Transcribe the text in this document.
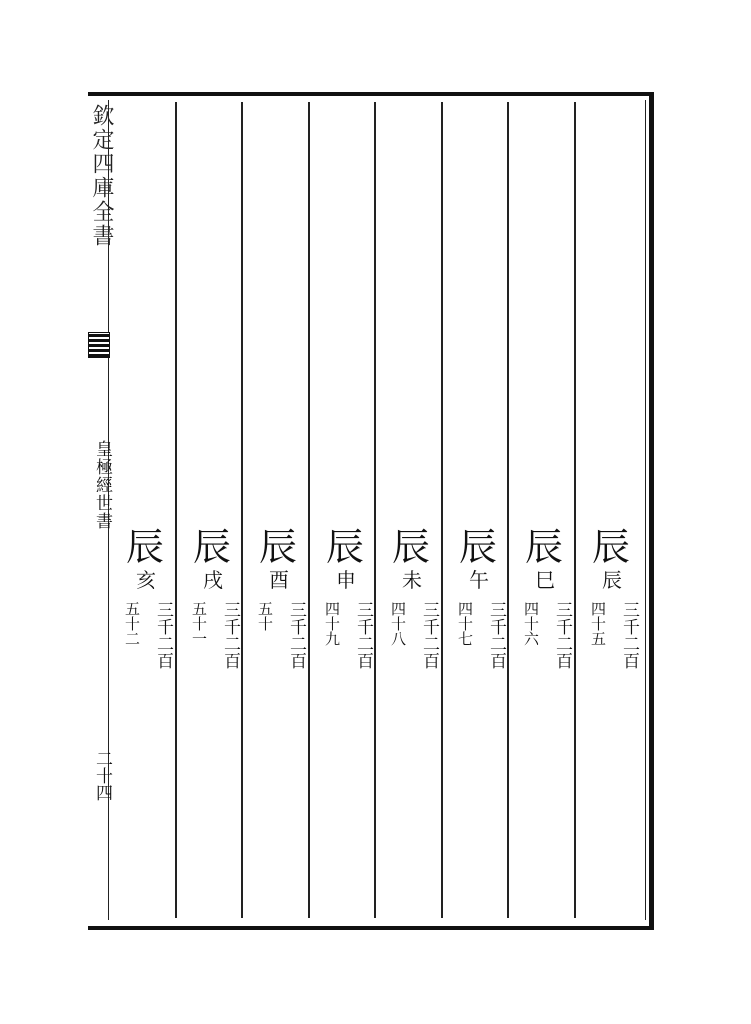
欽定四庫全書
皇極經世書
二十四
辰
辰
三千二百
四十五
辰
巳
三千二百
四十六
辰
午
三千二百
四十七
辰
未
三千二百
四十八
辰
申
三千二百
四十九
辰
酉
三千二百
五十
辰
戌
三千二百
五十一
辰
亥
三千二百
五十二
